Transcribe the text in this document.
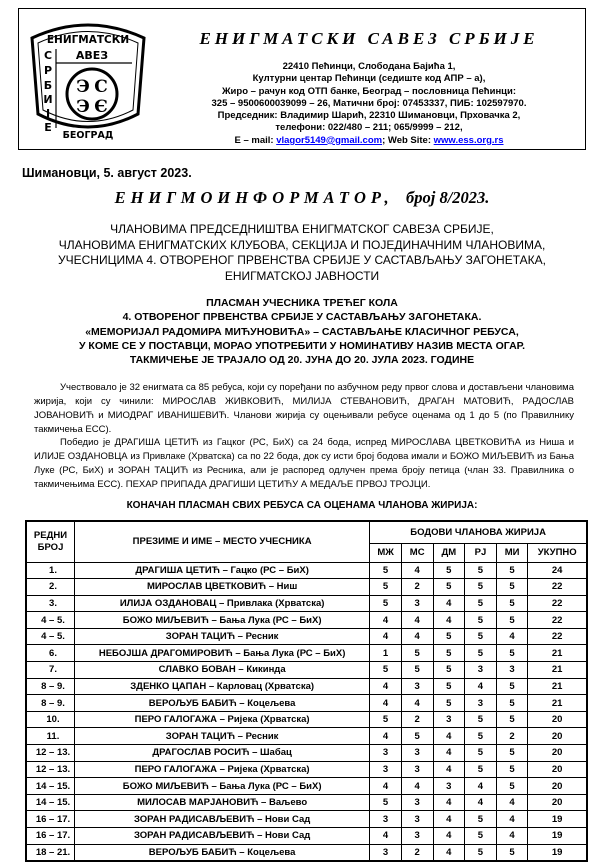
ЕНИГМАТСКИ
С
Р
Б
И
Ј
Е
АВЕЗ
Э С
Э Є
БЕОГРАД
ЕНИГМАТСКИ САВЕЗ СРБИЈЕ
22410 Пећинци, Слободана Бајића 1,
Културни центар Пећинци (седиште код АПР – а),
Жиро – рачун код ОТП банке, Београд – пословница Пећинци:
325 – 9500600039099 – 26, Матични број: 07453337, ПИБ: 102597970.
Председник: Владимир Шарић, 22310 Шимановци, Прховачка 2,
телефони: 022/480 – 211; 065/9999 – 212,
E – mail: vlagor5149@gmail.com; Web Site: www.ess.org.rs
Шимановци, 5. август 2023.
ЕНИГМОИНФОРМАТОР, број 8/2023.
ЧЛАНОВИМА ПРЕДСЕДНИШТВА ЕНИГМАТСКОГ САВЕЗА СРБИЈЕ,
ЧЛАНОВИМА ЕНИГМАТСКИХ КЛУБОВА, СЕКЦИЈА И ПОЈЕДИНАЧНИМ ЧЛАНОВИМА,
УЧЕСНИЦИМА 4. ОТВОРЕНОГ ПРВЕНСТВА СРБИЈЕ У САСТАВЉАЊУ ЗАГОНЕТАКА,
ЕНИГМАТСКОЈ ЈАВНОСТИ
ПЛАСМАН УЧЕСНИКА ТРЕЋЕГ КОЛА
4. ОТВОРЕНОГ ПРВЕНСТВА СРБИЈЕ У САСТАВЉАЊУ ЗАГОНЕТАКА.
«МЕМОРИЈАЛ РАДОМИРА МИЋУНОВИЋА» – САСТАВЉАЊЕ КЛАСИЧНОГ РЕБУСА,
У КОМЕ СЕ У ПОСТАВЦИ, МОРАО УПОТРЕБИТИ У НОМИНАТИВУ НАЗИВ МЕСТА ОГАР.
ТАКМИЧЕЊЕ ЈЕ ТРАЈАЛО ОД 20. ЈУНА ДО 20. ЈУЛА 2023. ГОДИНЕ

Учествовало је 32 енигмата са 85 ребуса, који су поређани по азбучном реду првог слова и достављени члановима жирија, који су чинили: МИРОСЛАВ ЖИВКОВИЋ, МИЛИЈА СТЕВАНОВИЋ, ДРАГАН МАТОВИЋ, РАДОСЛАВ ЈОВАНОВИЋ и МИОДРАГ ИВАНИШЕВИЋ. Чланови жирија су оцењивали ребусе оценама од 1 до 5 (по Правилнику такмичења ЕСС).

Победио је ДРАГИША ЦЕТИЋ из Гацког (РС, БиХ) са 24 бода, испред МИРОСЛАВА ЦВЕТКОВИЋА из Ниша и ИЛИЈЕ ОЗДАНОВЦА из Привлаке (Хрватска) са по 22 бода, док су исти број бодова имали и БОЖО МИЉЕВИЋ из Бања Луке (РС, БиХ) и ЗОРАН ТАЦИЋ из Ресника, али је распоред одлучен према броју петица (члан 33. Правилника о такмичењима ЕСС). ПЕХАР ПРИПАДА ДРАГИШИ ЦЕТИЋУ А МЕДАЉЕ ПРВОЈ ТРОЈЦИ.

КОНАЧАН ПЛАСМАН СВИХ РЕБУСА СА ОЦЕНАМА ЧЛАНОВА ЖИРИЈА:
РЕДНИ БРОЈ	ПРЕЗИМЕ И ИМЕ – МЕСТО УЧЕСНИКА	БОДОВИ ЧЛАНОВА ЖИРИЈА					
		МЖ	МС	ДМ	РЈ	МИ	УКУПНО
1.	ДРАГИША ЦЕТИЋ – Гацко (РС – БиХ)	5	4	5	5	5	24
2.	МИРОСЛАВ ЦВЕТКОВИЋ – Ниш	5	2	5	5	5	22
3.	ИЛИЈА ОЗДАНОВАЦ – Привлака (Хрватска)	5	3	4	5	5	22
4 – 5.	БОЖО МИЉЕВИЋ – Бања Лука (РС – БиХ)	4	4	4	5	5	22
4 – 5.	ЗОРАН ТАЦИЋ – Ресник	4	4	5	5	4	22
6.	НЕБОЈША ДРАГОМИРОВИЋ – Бања Лука (РС – БиХ)	1	5	5	5	5	21
7.	СЛАВКО БОВАН – Кикинда	5	5	5	3	3	21
8 – 9.	ЗДЕНКО ЦАПАН – Карловац (Хрватска)	4	3	5	4	5	21
8 – 9.	ВЕРОЉУБ БАБИЋ – Коцељева	4	4	5	3	5	21
10.	ПЕРО ГАЛОГАЖА – Ријека (Хрватска)	5	2	3	5	5	20
11.	ЗОРАН ТАЦИЋ – Ресник	4	5	4	5	2	20
12 – 13.	ДРАГОСЛАВ РОСИЋ – Шабац	3	3	4	5	5	20
12 – 13.	ПЕРО ГАЛОГАЖА – Ријека (Хрватска)	3	3	4	5	5	20
14 – 15.	БОЖО МИЉЕВИЋ – Бања Лука (РС – БиХ)	4	4	3	4	5	20
14 – 15.	МИЛОСАВ МАРЈАНОВИЋ – Ваљево	5	3	4	4	4	20
16 – 17.	ЗОРАН РАДИСАВЉЕВИЋ – Нови Сад	3	3	4	5	4	19
16 – 17.	ЗОРАН РАДИСАВЉЕВИЋ – Нови Сад	4	3	4	5	4	19
18 – 21.	ВЕРОЉУБ БАБИЋ – Коцељева	3	2	4	5	5	19
